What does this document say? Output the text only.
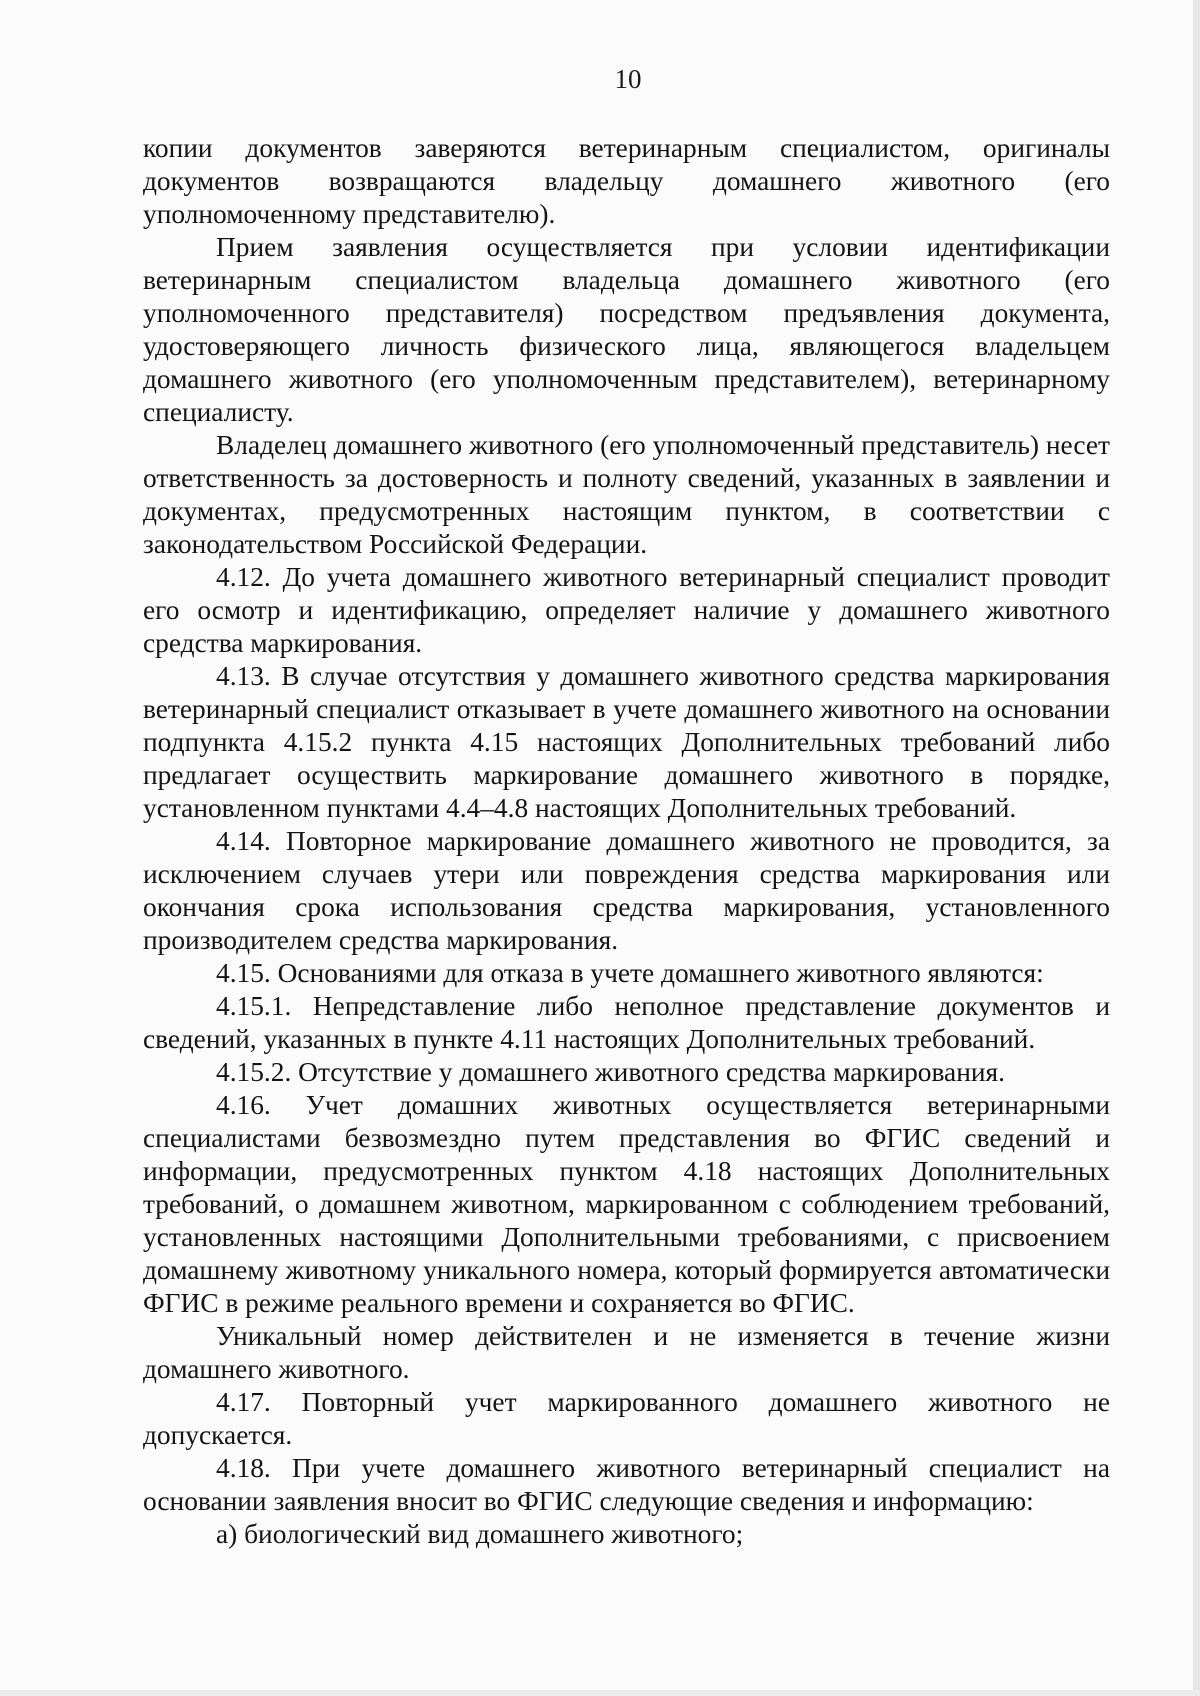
10

копии документов заверяются ветеринарным специалистом, оригиналы документов возвращаются владельцу домашнего животного (его уполномоченному представителю).

Прием заявления осуществляется при условии идентификации ветеринарным специалистом владельца домашнего животного (его уполномоченного представителя) посредством предъявления документа, удостоверяющего личность физического лица, являющегося владельцем домашнего животного (его уполномоченным представителем), ветеринарному специалисту.

Владелец домашнего животного (его уполномоченный представитель) несет ответственность за достоверность и полноту сведений, указанных в заявлении и документах, предусмотренных настоящим пунктом, в соответствии с законодательством Российской Федерации.

4.12. До учета домашнего животного ветеринарный специалист проводит его осмотр и идентификацию, определяет наличие у домашнего животного средства маркирования.

4.13. В случае отсутствия у домашнего животного средства маркирования ветеринарный специалист отказывает в учете домашнего животного на основании подпункта 4.15.2 пункта 4.15 настоящих Дополнительных требований либо предлагает осуществить маркирование домашнего животного в порядке, установленном пунктами 4.4–4.8 настоящих Дополнительных требований.

4.14. Повторное маркирование домашнего животного не проводится, за исключением случаев утери или повреждения средства маркирования или окончания срока использования средства маркирования, установленного производителем средства маркирования.

4.15. Основаниями для отказа в учете домашнего животного являются:

4.15.1. Непредставление либо неполное представление документов и сведений, указанных в пункте 4.11 настоящих Дополнительных требований.

4.15.2. Отсутствие у домашнего животного средства маркирования.

4.16. Учет домашних животных осуществляется ветеринарными специалистами безвозмездно путем представления во ФГИС сведений и информации, предусмотренных пунктом 4.18 настоящих Дополнительных требований, о домашнем животном, маркированном с соблюдением требований, установленных настоящими Дополнительными требованиями, с присвоением домашнему животному уникального номера, который формируется автоматически ФГИС в режиме реального времени и сохраняется во ФГИС.

Уникальный номер действителен и не изменяется в течение жизни домашнего животного.

4.17. Повторный учет маркированного домашнего животного не допускается.

4.18. При учете домашнего животного ветеринарный специалист на основании заявления вносит во ФГИС следующие сведения и информацию:

а) биологический вид домашнего животного;
